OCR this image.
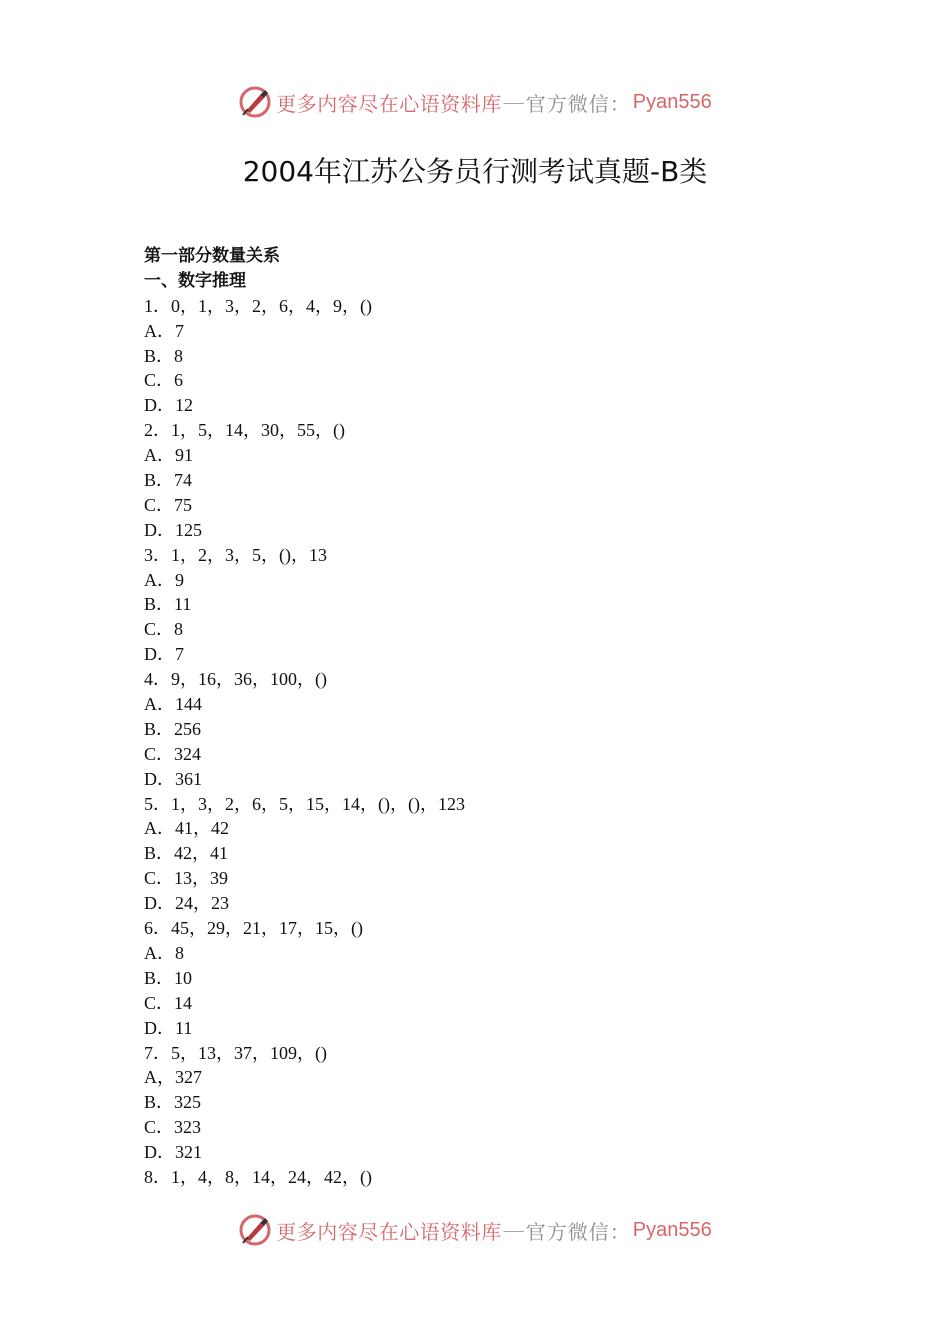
更多内容尽在心语资料库 — 官方微信： Pyan556
2004年江苏公务员行测考试真题-B类
第一部分数量关系
一、数字推理
1．0，1，3，2，6，4，9，()
A．7
B．8
C．6
D．12
2．1，5，14，30，55，()
A．91
B．74
C．75
D．125
3．1，2，3，5，()，13
A．9
B．11
C．8
D．7
4．9，16，36，100，()
A．144
B．256
C．324
D．361
5．1，3，2，6，5，15，14，()，()，123
A．41，42
B．42，41
C．13，39
D．24，23
6．45，29，21，17，15，()
A．8
B．10
C．14
D．11
7．5，13，37，109，()
A，327
B．325
C．323
D．321
8．1，4，8，14，24，42，()
更多内容尽在心语资料库 — 官方微信： Pyan556
